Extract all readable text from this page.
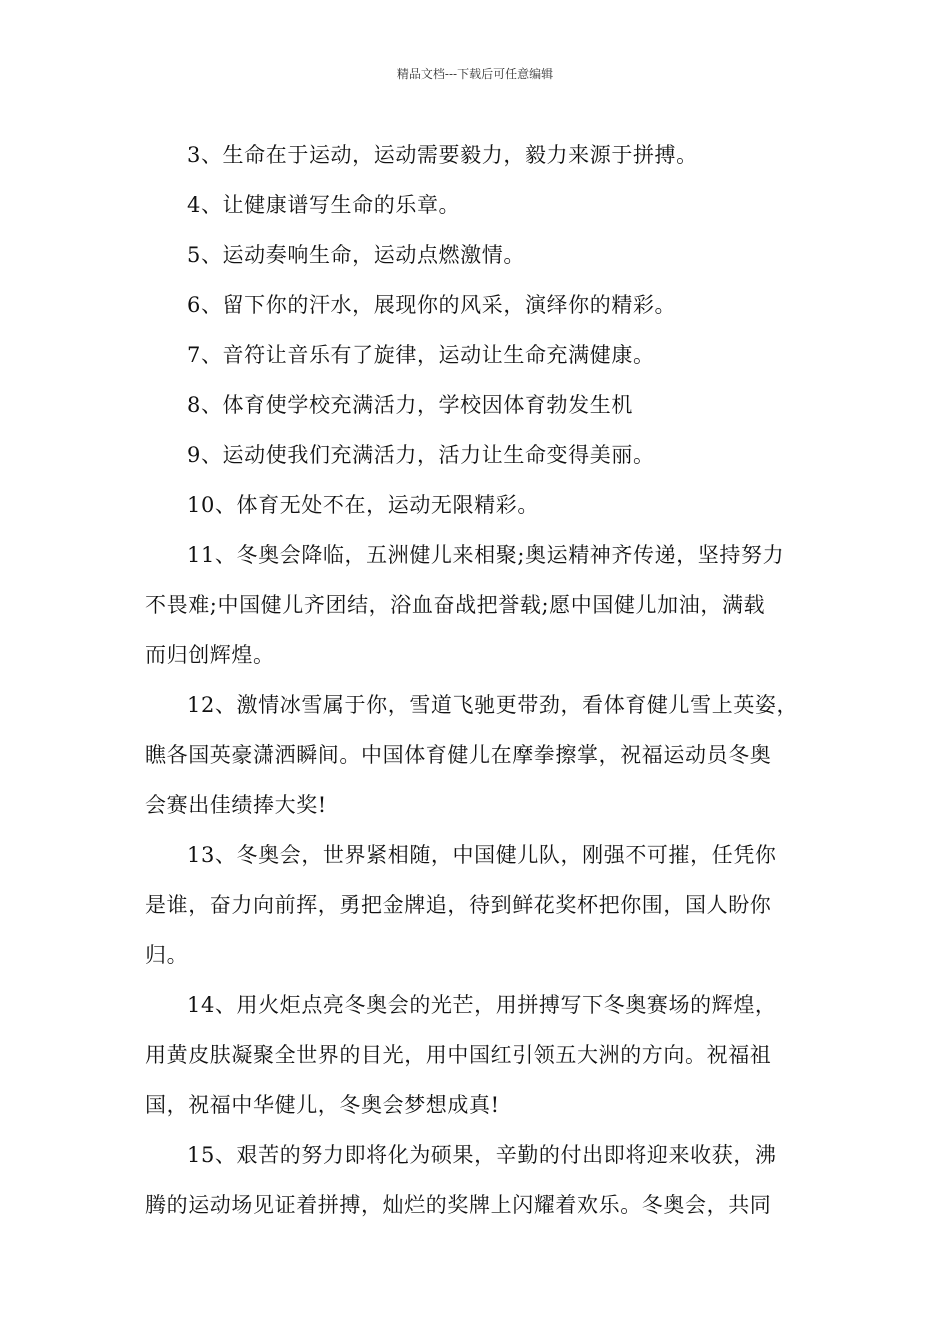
精品文档---下载后可任意编辑
3、生命在于运动，运动需要毅力，毅力来源于拼搏。
4、让健康谱写生命的乐章。
5、运动奏响生命，运动点燃激情。
6、留下你的汗水，展现你的风采，演绎你的精彩。
7、音符让音乐有了旋律，运动让生命充满健康。
8、体育使学校充满活力，学校因体育勃发生机
9、运动使我们充满活力，活力让生命变得美丽。
10、体育无处不在，运动无限精彩。
11、冬奥会降临，五洲健儿来相聚;奥运精神齐传递，坚持努力
不畏难;中国健儿齐团结，浴血奋战把誉载;愿中国健儿加油，满载
而归创辉煌。
12、激情冰雪属于你，雪道飞驰更带劲，看体育健儿雪上英姿，
瞧各国英豪潇洒瞬间。中国体育健儿在摩拳擦掌，祝福运动员冬奥
会赛出佳绩捧大奖!
13、冬奥会，世界紧相随，中国健儿队，刚强不可摧，任凭你
是谁，奋力向前挥，勇把金牌追，待到鲜花奖杯把你围，国人盼你
归。
14、用火炬点亮冬奥会的光芒，用拼搏写下冬奥赛场的辉煌，
用黄皮肤凝聚全世界的目光，用中国红引领五大洲的方向。祝福祖
国，祝福中华健儿，冬奥会梦想成真!
15、艰苦的努力即将化为硕果，辛勤的付出即将迎来收获，沸
腾的运动场见证着拼搏，灿烂的奖牌上闪耀着欢乐。冬奥会，共同
